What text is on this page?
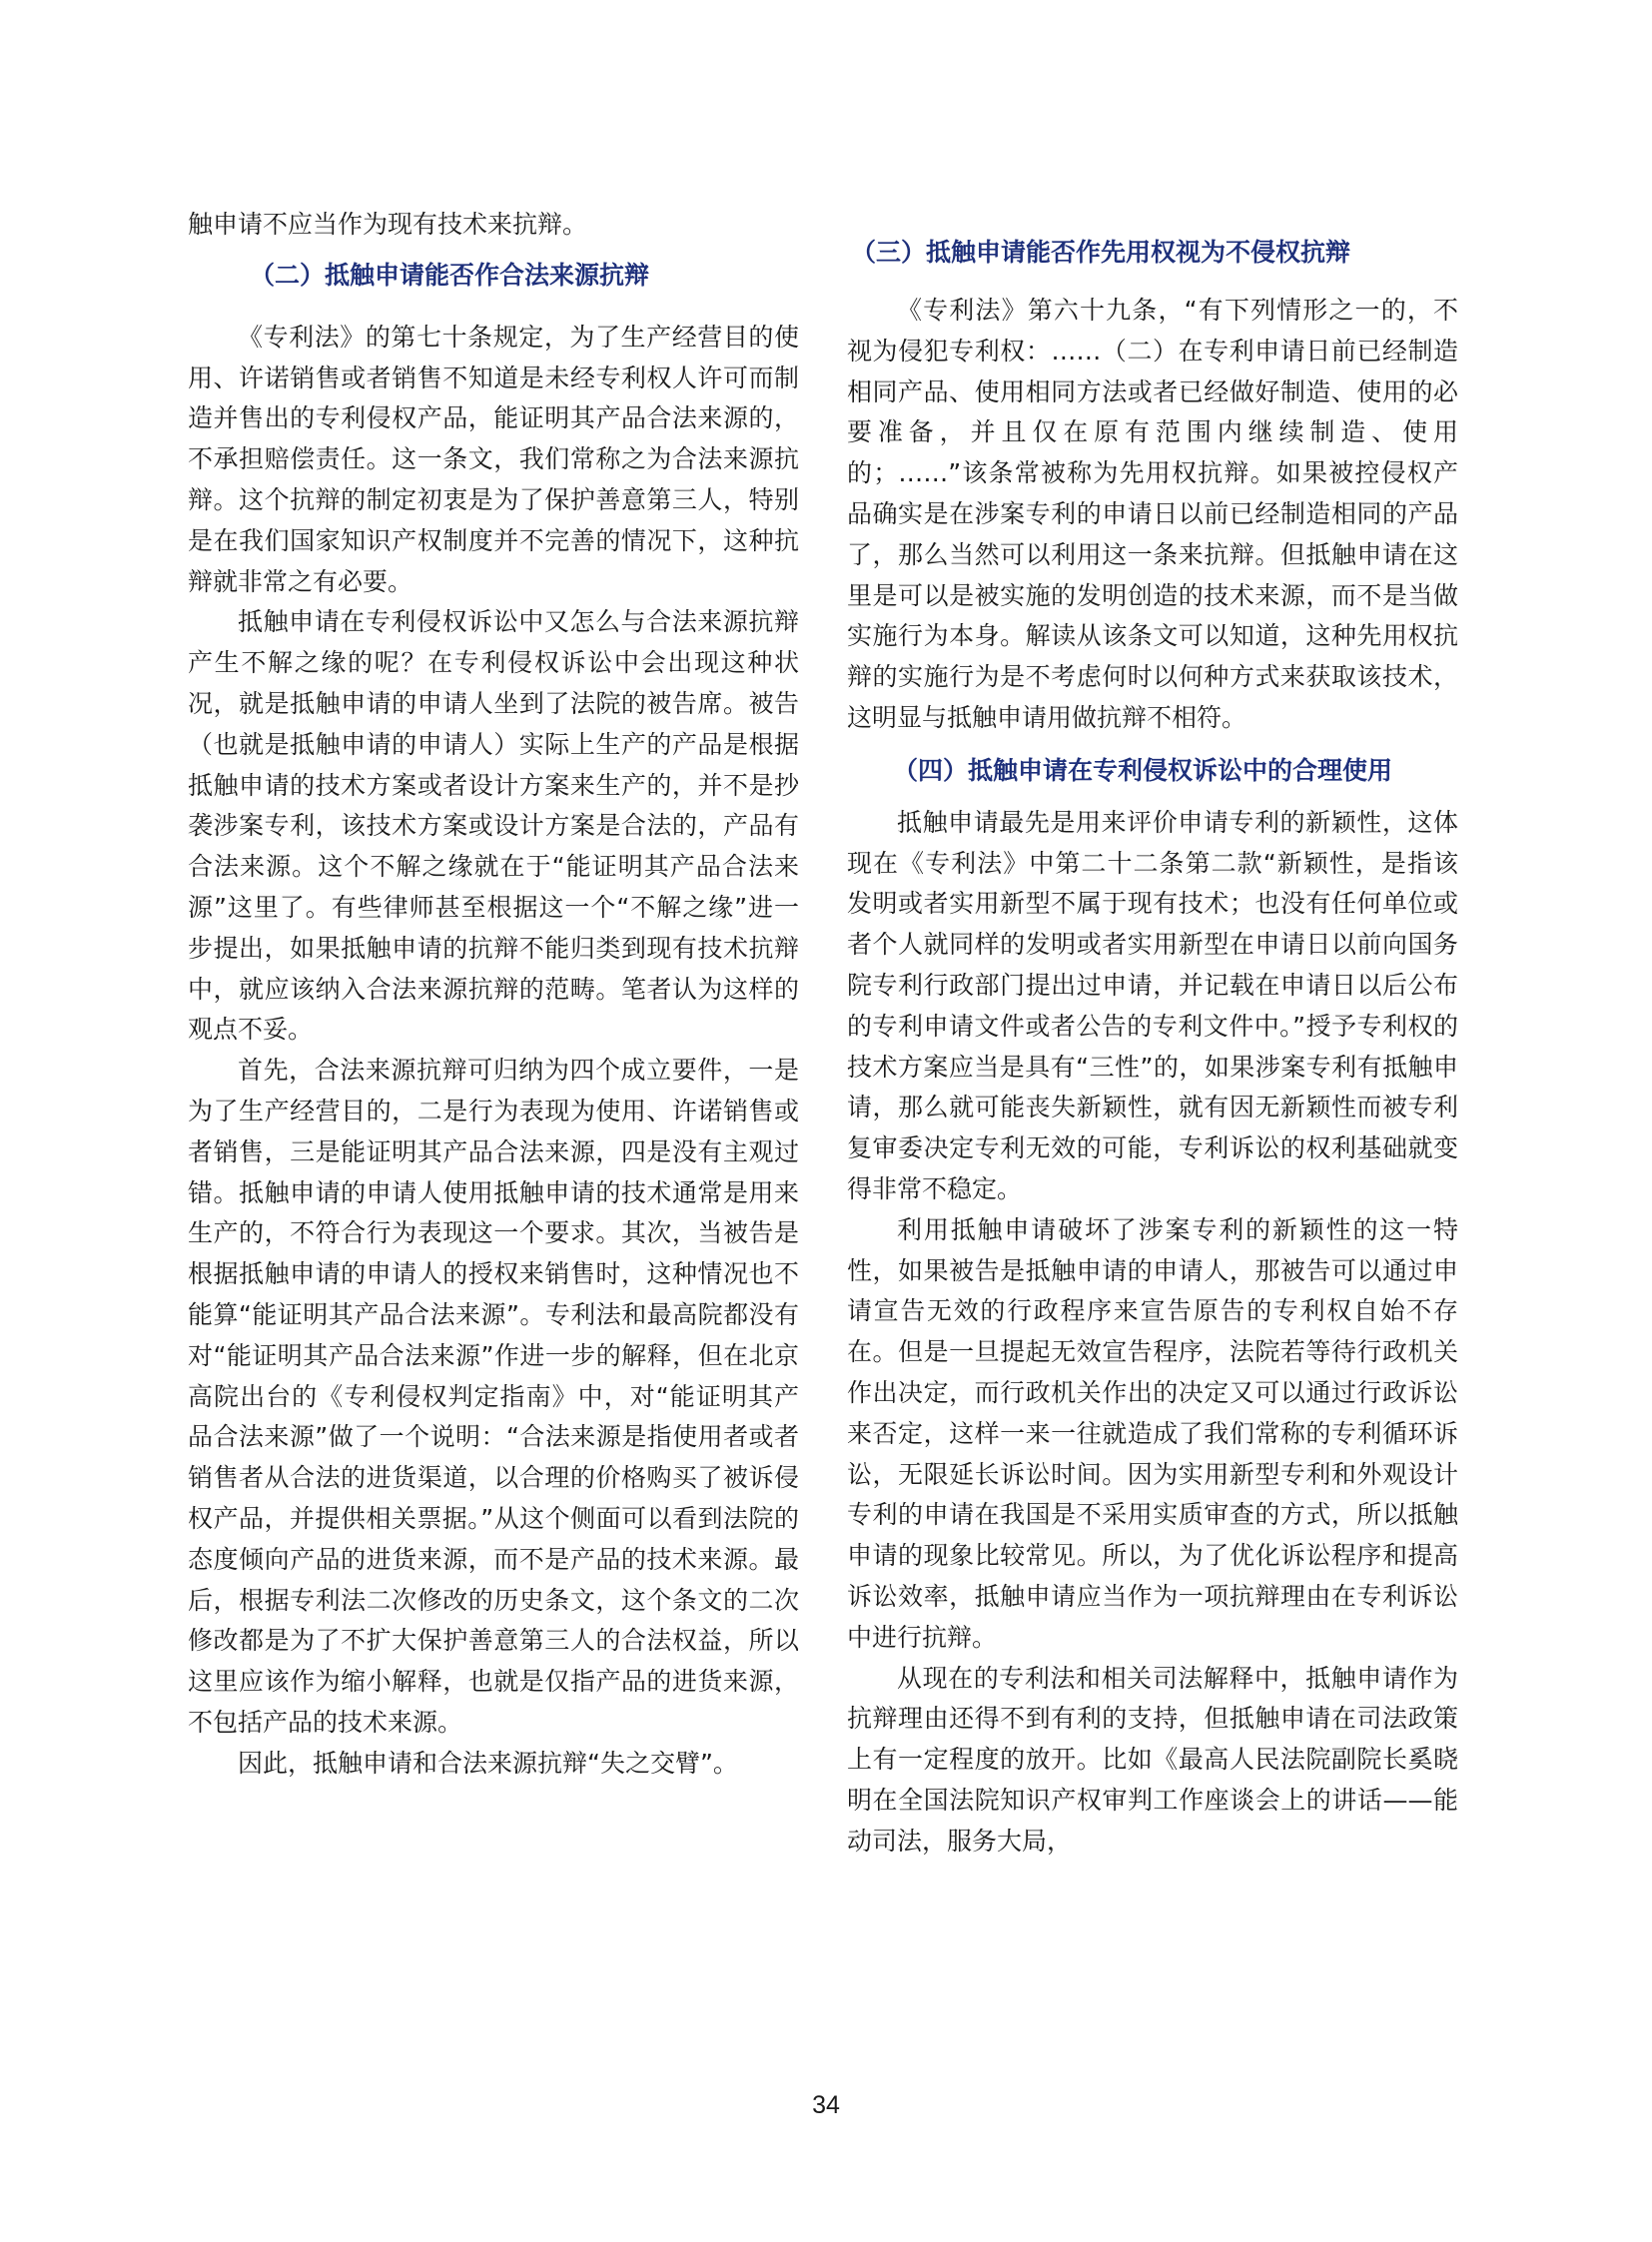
触申请不应当作为现有技术来抗辩。

（二）抵触申请能否作合法来源抗辩

《专利法》的第七十条规定，为了生产经营目的使用、许诺销售或者销售不知道是未经专利权人许可而制造并售出的专利侵权产品，能证明其产品合法来源的，不承担赔偿责任。这一条文，我们常称之为合法来源抗辩。这个抗辩的制定初衷是为了保护善意第三人，特别是在我们国家知识产权制度并不完善的情况下，这种抗辩就非常之有必要。

抵触申请在专利侵权诉讼中又怎么与合法来源抗辩产生不解之缘的呢？在专利侵权诉讼中会出现这种状况，就是抵触申请的申请人坐到了法院的被告席。被告（也就是抵触申请的申请人）实际上生产的产品是根据抵触申请的技术方案或者设计方案来生产的，并不是抄袭涉案专利，该技术方案或设计方案是合法的，产品有合法来源。这个不解之缘就在于“能证明其产品合法来源”这里了。有些律师甚至根据这一个“不解之缘”进一步提出，如果抵触申请的抗辩不能归类到现有技术抗辩中，就应该纳入合法来源抗辩的范畴。笔者认为这样的观点不妥。

首先，合法来源抗辩可归纳为四个成立要件，一是为了生产经营目的，二是行为表现为使用、许诺销售或者销售，三是能证明其产品合法来源，四是没有主观过错。抵触申请的申请人使用抵触申请的技术通常是用来生产的，不符合行为表现这一个要求。其次，当被告是根据抵触申请的申请人的授权来销售时，这种情况也不能算“能证明其产品合法来源”。专利法和最高院都没有对“能证明其产品合法来源”作进一步的解释，但在北京高院出台的《专利侵权判定指南》中，对“能证明其产品合法来源”做了一个说明：“合法来源是指使用者或者销售者从合法的进货渠道，以合理的价格购买了被诉侵权产品，并提供相关票据。”从这个侧面可以看到法院的态度倾向产品的进货来源，而不是产品的技术来源。最后，根据专利法二次修改的历史条文，这个条文的二次修改都是为了不扩大保护善意第三人的合法权益，所以这里应该作为缩小解释，也就是仅指产品的进货来源，不包括产品的技术来源。

因此，抵触申请和合法来源抗辩“失之交臂”。

（三）抵触申请能否作先用权视为不侵权抗辩

《专利法》第六十九条，“有下列情形之一的，不视为侵犯专利权：……（二）在专利申请日前已经制造相同产品、使用相同方法或者已经做好制造、使用的必要准备，并且仅在原有范围内继续制造、使用的；……”该条常被称为先用权抗辩。如果被控侵权产品确实是在涉案专利的申请日以前已经制造相同的产品了，那么当然可以利用这一条来抗辩。但抵触申请在这里是可以是被实施的发明创造的技术来源，而不是当做实施行为本身。解读从该条文可以知道，这种先用权抗辩的实施行为是不考虑何时以何种方式来获取该技术，这明显与抵触申请用做抗辩不相符。

（四）抵触申请在专利侵权诉讼中的合理使用

抵触申请最先是用来评价申请专利的新颖性，这体现在《专利法》中第二十二条第二款“新颖性，是指该发明或者实用新型不属于现有技术；也没有任何单位或者个人就同样的发明或者实用新型在申请日以前向国务院专利行政部门提出过申请，并记载在申请日以后公布的专利申请文件或者公告的专利文件中。”授予专利权的技术方案应当是具有“三性”的，如果涉案专利有抵触申请，那么就可能丧失新颖性，就有因无新颖性而被专利复审委决定专利无效的可能，专利诉讼的权利基础就变得非常不稳定。

利用抵触申请破坏了涉案专利的新颖性的这一特性，如果被告是抵触申请的申请人，那被告可以通过申请宣告无效的行政程序来宣告原告的专利权自始不存在。但是一旦提起无效宣告程序，法院若等待行政机关作出决定，而行政机关作出的决定又可以通过行政诉讼来否定，这样一来一往就造成了我们常称的专利循环诉讼，无限延长诉讼时间。因为实用新型专利和外观设计专利的申请在我国是不采用实质审查的方式，所以抵触申请的现象比较常见。所以，为了优化诉讼程序和提高诉讼效率，抵触申请应当作为一项抗辩理由在专利诉讼中进行抗辩。

从现在的专利法和相关司法解释中，抵触申请作为抗辩理由还得不到有利的支持，但抵触申请在司法政策上有一定程度的放开。比如《最高人民法院副院长奚晓明在全国法院知识产权审判工作座谈会上的讲话——能动司法，服务大局，

34
